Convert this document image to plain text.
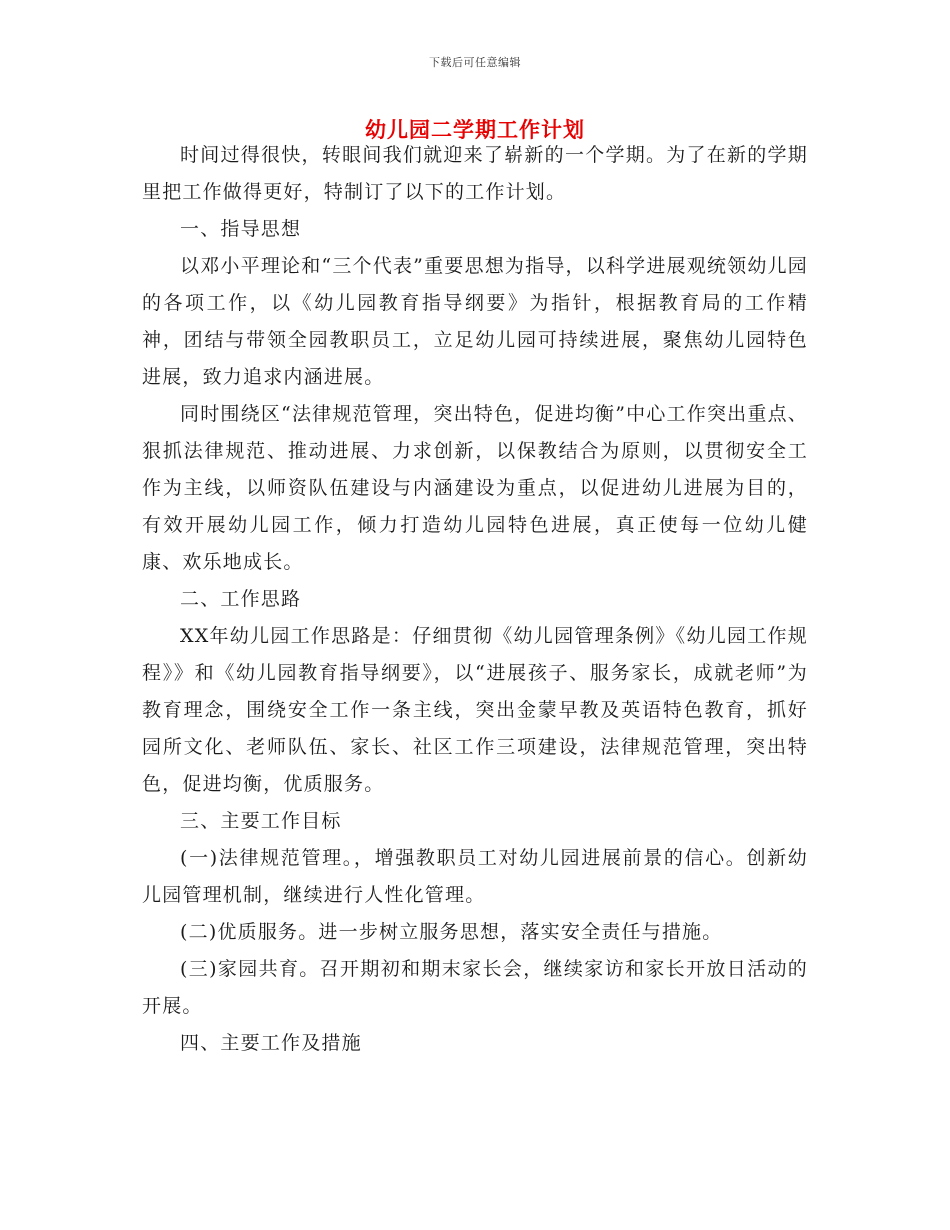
下载后可任意编辑
幼儿园二学期工作计划

时间过得很快，转眼间我们就迎来了崭新的一个学期。为了在新的学期里把工作做得更好，特制订了以下的工作计划。

一、指导思想

以邓小平理论和“三个代表”重要思想为指导，以科学进展观统领幼儿园的各项工作，以《幼儿园教育指导纲要》为指针，根据教育局的工作精神，团结与带领全园教职员工，立足幼儿园可持续进展，聚焦幼儿园特色进展，致力追求内涵进展。

同时围绕区“法律规范管理，突出特色，促进均衡”中心工作突出重点、狠抓法律规范、推动进展、力求创新，以保教结合为原则，以贯彻安全工作为主线，以师资队伍建设与内涵建设为重点，以促进幼儿进展为目的，有效开展幼儿园工作，倾力打造幼儿园特色进展，真正使每一位幼儿健康、欢乐地成长。

二、工作思路

XX年幼儿园工作思路是：仔细贯彻《幼儿园管理条例》《幼儿园工作规程》》和《幼儿园教育指导纲要》，以“进展孩子、服务家长，成就老师”为教育理念，围绕安全工作一条主线，突出金蒙早教及英语特色教育，抓好园所文化、老师队伍、家长、社区工作三项建设，法律规范管理，突出特色，促进均衡，优质服务。

三、主要工作目标

(一)法律规范管理。，增强教职员工对幼儿园进展前景的信心。创新幼儿园管理机制，继续进行人性化管理。

(二)优质服务。进一步树立服务思想，落实安全责任与措施。

(三)家园共育。召开期初和期末家长会，继续家访和家长开放日活动的开展。

四、主要工作及措施
